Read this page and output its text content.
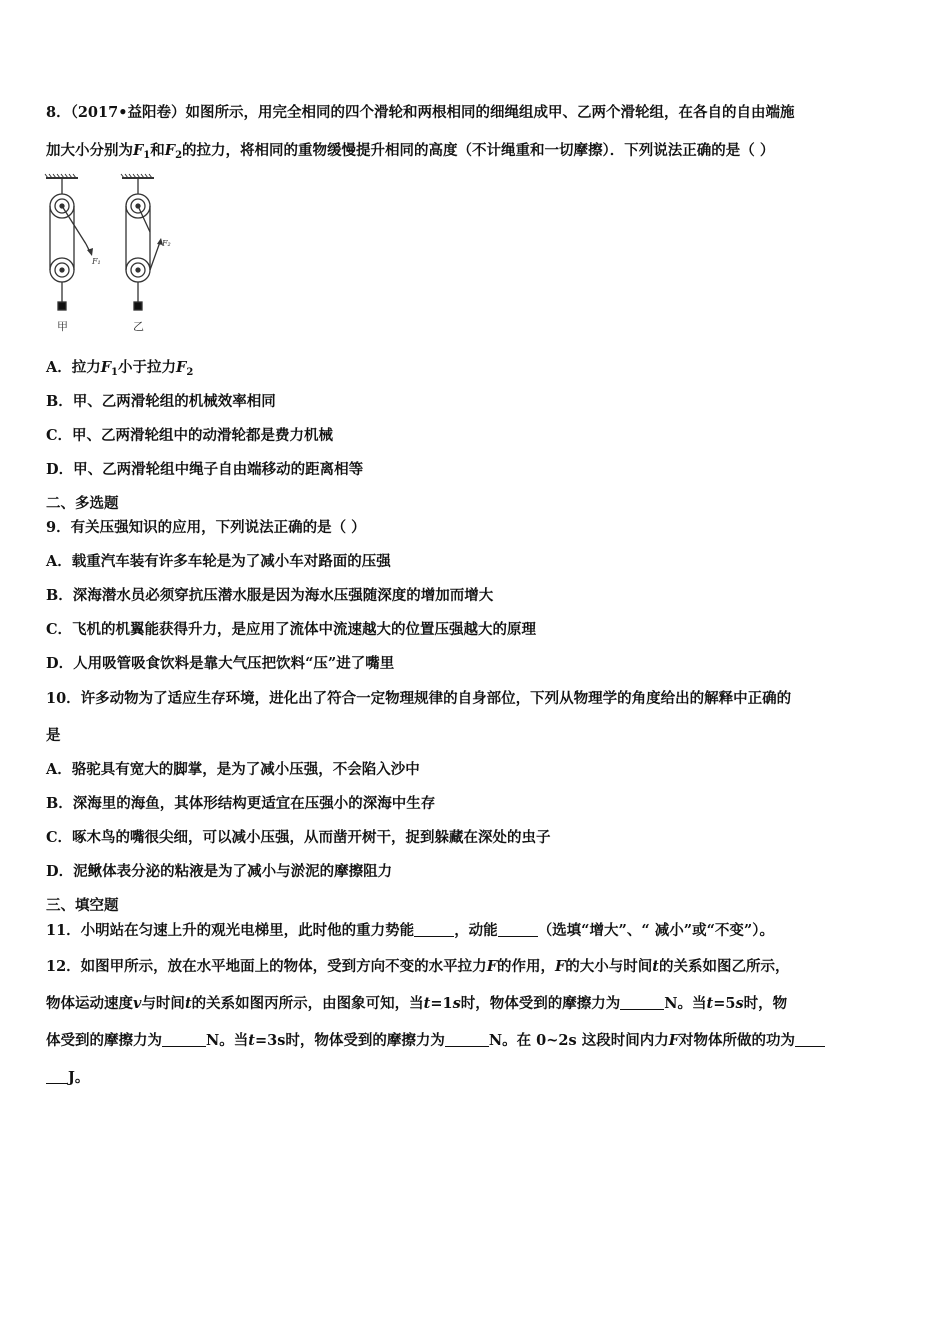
8．（2017•益阳卷）如图所示，用完全相同的四个滑轮和两根相同的细绳组成甲、乙两个滑轮组，在各自的自由端施
加大小分别为$F_1$和$F_2$的拉力，将相同的重物缓慢提升相同的高度（不计绳重和一切摩擦）．下列说法正确的是（ ）
F₁
F₂
甲	乙
A．拉力$F_1$小于拉力$F_2$
B．甲、乙两滑轮组的机械效率相同
C．甲、乙两滑轮组中的动滑轮都是费力机械
D．甲、乙两滑轮组中绳子自由端移动的距离相等
二、多选题
9．有关压强知识的应用，下列说法正确的是（ ）
A．载重汽车装有许多车轮是为了减小车对路面的压强
B．深海潜水员必须穿抗压潜水服是因为海水压强随深度的增加而增大
C．飞机的机翼能获得升力，是应用了流体中流速越大的位置压强越大的原理
D．人用吸管吸食饮料是靠大气压把饮料“压”进了嘴里
10．许多动物为了适应生存环境，进化出了符合一定物理规律的自身部位，下列从物理学的角度给出的解释中正确的
是
A．骆驼具有宽大的脚掌，是为了减小压强，不会陷入沙中
B．深海里的海鱼，其体形结构更适宜在压强小的深海中生存
C．啄木鸟的嘴很尖细，可以减小压强，从而凿开树干，捉到躲藏在深处的虫子
D．泥鳅体表分泌的粘液是为了减小与淤泥的摩擦阻力
三、填空题
11．小明站在匀速上升的观光电梯里，此时他的重力势能	，动能	（选填“增大”、“ 减小”或“不变”）。
12．如图甲所示，放在水平地面上的物体，受到方向不变的水平拉力F的作用，F的大小与时间t的关系如图乙所示，
物体运动速度v与时间t的关系如图丙所示，由图象可知，当t=1s时，物体受到的摩擦力为	N。当t=5s时，物
体受到的摩擦力为	N。当t=3s时，物体受到的摩擦力为	N。在 0~2s 这段时间内力F对物体所做的功为
J。
